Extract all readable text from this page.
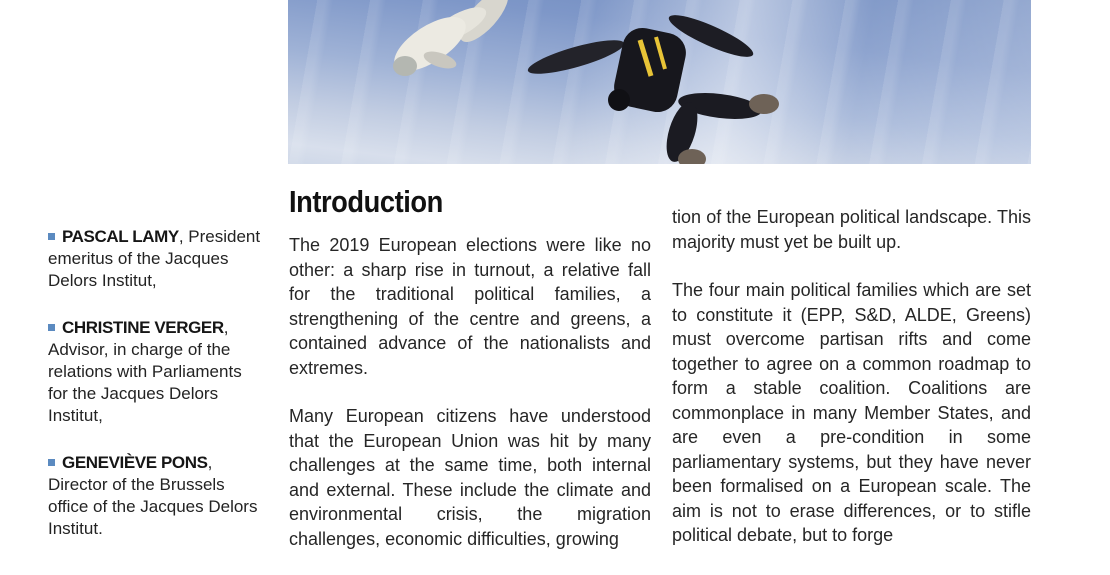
PASCAL LAMY, President emeritus of the Jacques Delors Institut,

CHRISTINE VERGER, Advisor, in charge of the relations with Parliaments for the Jacques Delors Institut,

GENEVIÈVE PONS, Director of the Brussels office of the Jacques Delors Institut.

Introduction

The 2019 European elections were like no other: a sharp rise in turnout, a relative fall for the traditional political families, a strengthening of the centre and greens, a contained advance of the nationalists and extremes.

Many European citizens have understood that the European Union was hit by many challenges at the same time, both internal and external. These include the climate and environmental crisis, the migration challenges, economic difficulties, growing

tion of the European political landscape. This majority must yet be built up.

The four main political families which are set to constitute it (EPP, S&D, ALDE, Greens) must overcome partisan rifts and come together to agree on a common roadmap to form a stable coalition. Coalitions are commonplace in many Member States, and are even a pre-condition in some parliamentary systems, but they have never been formalised on a European scale. The aim is not to erase differences, or to stifle political debate, but to forge
